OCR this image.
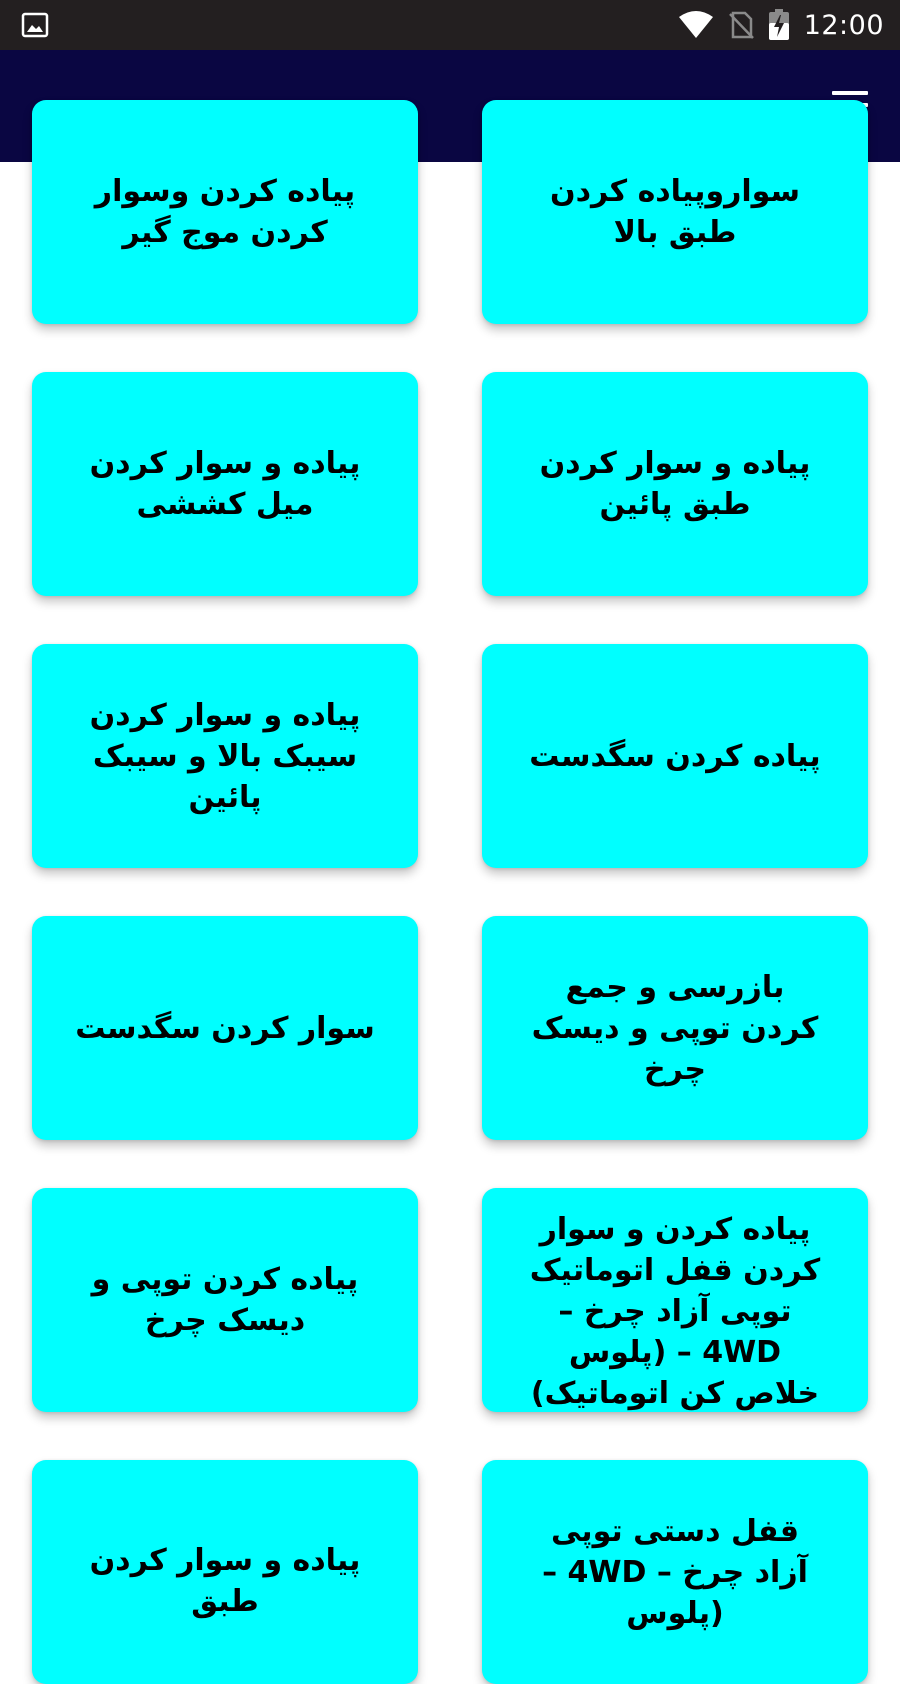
12:00
سواروپیاده کردن طبق بالا
پیاده کردن وسوار کردن موج گیر
پیاده و سوار کردن طبق پائین
پیاده و سوار کردن میل کششی
پیاده کردن سگدست
پیاده و سوار کردن سیبک بالا و سیبک پائین
بازرسی و جمع کردن توپی و دیسک چرخ
سوار کردن سگدست
پیاده کردن و سوار کردن قفل اتوماتیک توپی آزاد چرخ – 4WD – (پلوس خلاص کن اتوماتیک)
پیاده کردن توپی و دیسک چرخ
قفل دستی توپی آزاد چرخ – 4WD – (پلوس
پیاده و سوار کردن طبق
